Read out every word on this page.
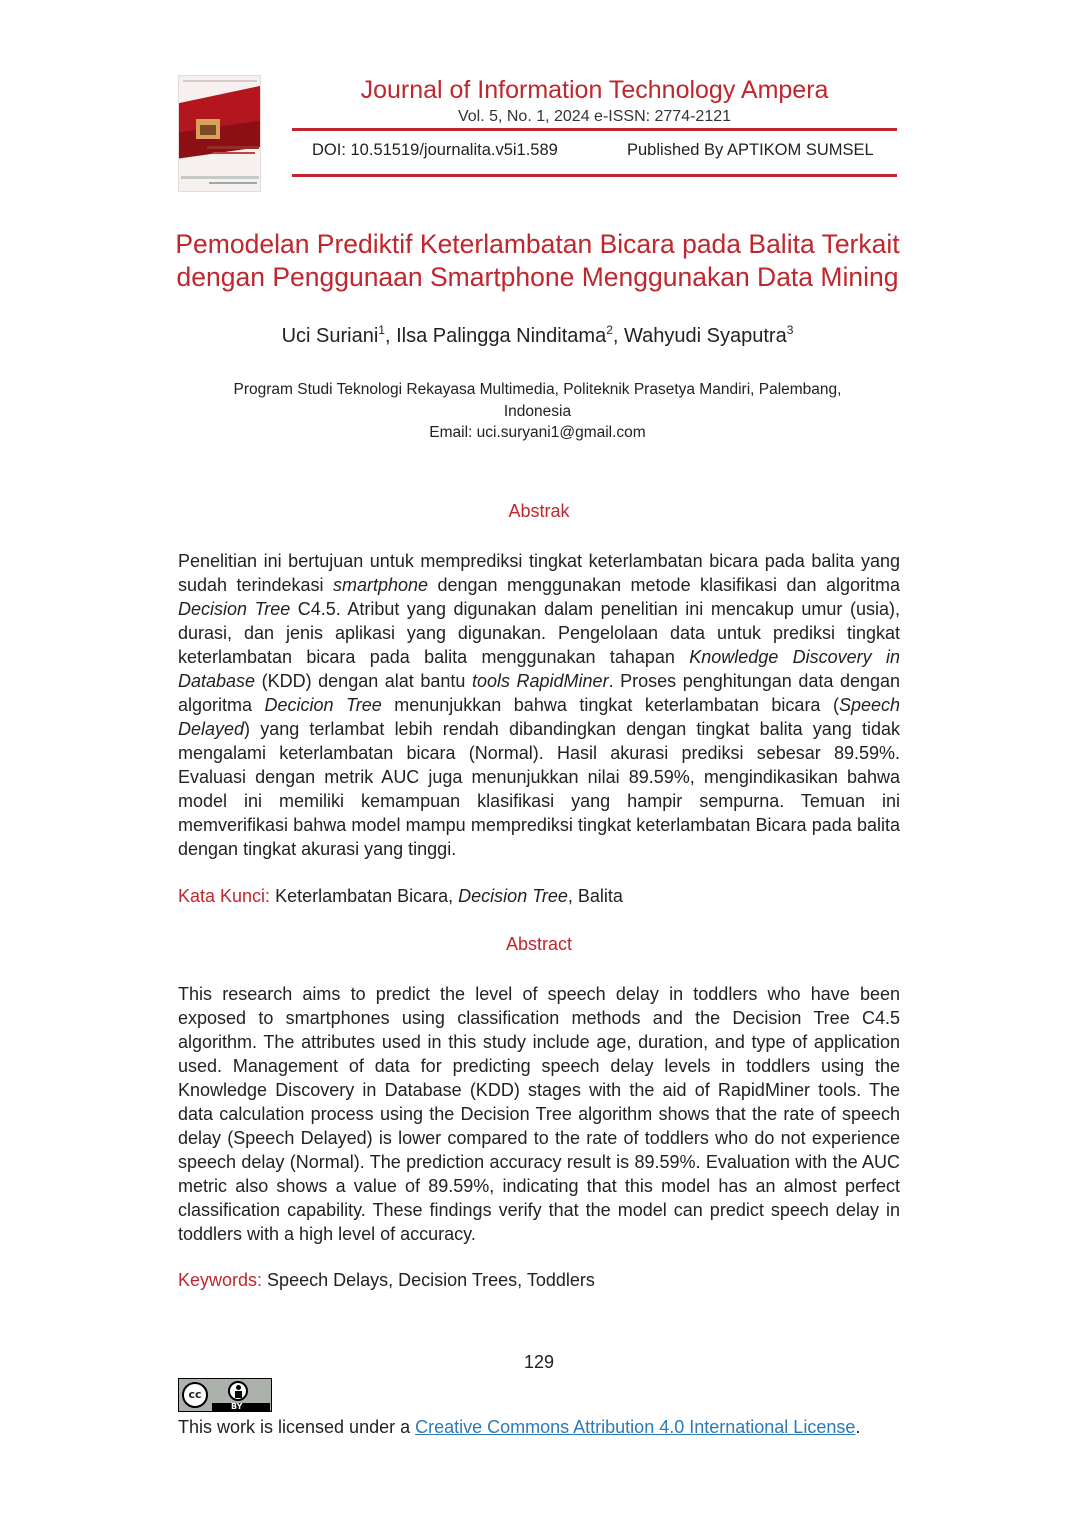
Journal of Information Technology Ampera
Vol. 5, No. 1, 2024 e-ISSN: 2774-2121
DOI: 10.51519/journalita.v5i1.589	Published By APTIKOM SUMSEL
Pemodelan Prediktif Keterlambatan Bicara pada Balita Terkait
dengan Penggunaan Smartphone Menggunakan Data Mining
Uci Suriani$^1$, Ilsa Palingga Ninditama$^2$, Wahyudi Syaputra$^3$
Program Studi Teknologi Rekayasa Multimedia, Politeknik Prasetya Mandiri, Palembang,
Indonesia
Email: uci.suryani1@gmail.com
Abstrak
Penelitian ini bertujuan untuk memprediksi tingkat keterlambatan bicara pada balita yang sudah terindekasi smartphone dengan menggunakan metode klasifikasi dan algoritma Decision Tree C4.5. Atribut yang digunakan dalam penelitian ini mencakup umur (usia), durasi, dan jenis aplikasi yang digunakan. Pengelolaan data untuk prediksi tingkat keterlambatan bicara pada balita menggunakan tahapan Knowledge Discovery in Database (KDD) dengan alat bantu tools RapidMiner. Proses penghitungan data dengan algoritma Decicion Tree menunjukkan bahwa tingkat keterlambatan bicara (Speech Delayed) yang terlambat lebih rendah dibandingkan dengan tingkat balita yang tidak mengalami keterlambatan bicara (Normal). Hasil akurasi prediksi sebesar 89.59%. Evaluasi dengan metrik AUC juga menunjukkan nilai 89.59%, mengindikasikan bahwa model ini memiliki kemampuan klasifikasi yang hampir sempurna. Temuan ini memverifikasi bahwa model mampu memprediksi tingkat keterlambatan Bicara pada balita dengan tingkat akurasi yang tinggi.
Kata Kunci: Keterlambatan Bicara, Decision Tree, Balita
Abstract
This research aims to predict the level of speech delay in toddlers who have been exposed to smartphones using classification methods and the Decision Tree C4.5 algorithm. The attributes used in this study include age, duration, and type of application used. Management of data for predicting speech delay levels in toddlers using the Knowledge Discovery in Database (KDD) stages with the aid of RapidMiner tools. The data calculation process using the Decision Tree algorithm shows that the rate of speech delay (Speech Delayed) is lower compared to the rate of toddlers who do not experience speech delay (Normal). The prediction accuracy result is 89.59%. Evaluation with the AUC metric also shows a value of 89.59%, indicating that this model has an almost perfect classification capability. These findings verify that the model can predict speech delay in toddlers with a high level of accuracy.
Keywords: Speech Delays, Decision Trees, Toddlers
129
cc
BY
This work is licensed under a Creative Commons Attribution 4.0 International License.
